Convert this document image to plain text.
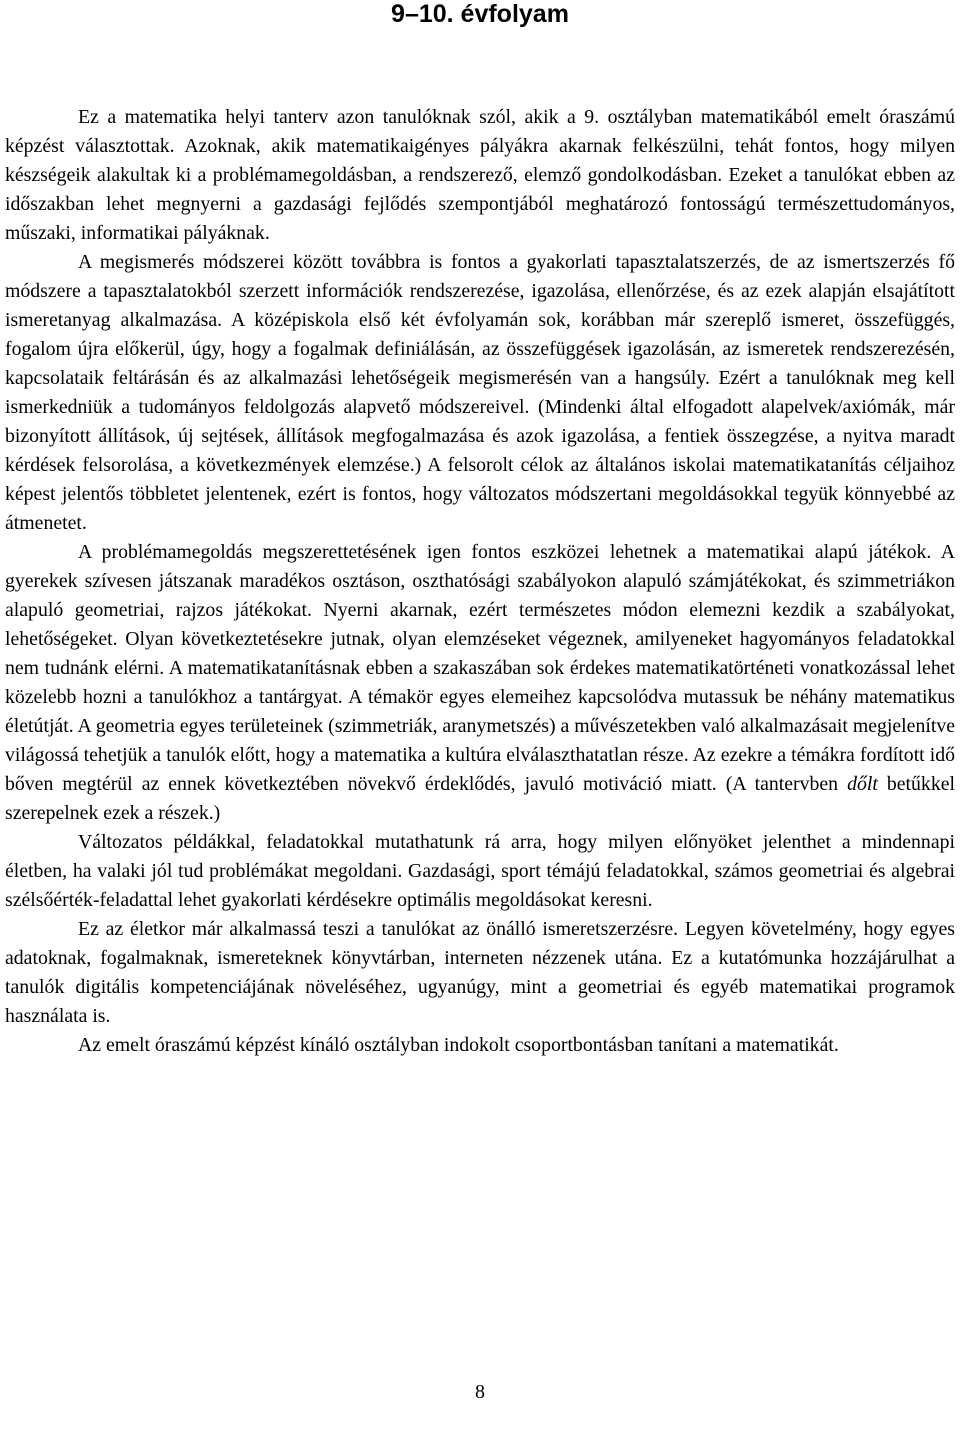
9–10. évfolyam

Ez a matematika helyi tanterv azon tanulóknak szól, akik a 9. osztályban matematikából emelt óraszámú képzést választottak. Azoknak, akik matematikaigényes pályákra akarnak felkészülni, tehát fontos, hogy milyen készségeik alakultak ki a problémamegoldásban, a rendszerező, elemző gondolkodásban. Ezeket a tanulókat ebben az időszakban lehet megnyerni a gazdasági fejlődés szempontjából meghatározó fontosságú természettudományos, műszaki, informatikai pályáknak.

A megismerés módszerei között továbbra is fontos a gyakorlati tapasztalatszerzés, de az ismertszerzés fő módszere a tapasztalatokból szerzett információk rendszerezése, igazolása, ellenőrzése, és az ezek alapján elsajátított ismeretanyag alkalmazása. A középiskola első két évfolyamán sok, korábban már szereplő ismeret, összefüggés, fogalom újra előkerül, úgy, hogy a fogalmak definiálásán, az összefüggések igazolásán, az ismeretek rendszerezésén, kapcsolataik feltárásán és az alkalmazási lehetőségeik megismerésén van a hangsúly. Ezért a tanulóknak meg kell ismerkedniük a tudományos feldolgozás alapvető módszereivel. (Mindenki által elfogadott alapelvek/axiómák, már bizonyított állítások, új sejtések, állítások megfogalmazása és azok igazolása, a fentiek összegzése, a nyitva maradt kérdések felsorolása, a következmények elemzése.) A felsorolt célok az általános iskolai matematikatanítás céljaihoz képest jelentős többletet jelentenek, ezért is fontos, hogy változatos módszertani megoldásokkal tegyük könnyebbé az átmenetet.

A problémamegoldás megszerettetésének igen fontos eszközei lehetnek a matematikai alapú játékok. A gyerekek szívesen játszanak maradékos osztáson, oszthatósági szabályokon alapuló számjátékokat, és szimmetriákon alapuló geometriai, rajzos játékokat. Nyerni akarnak, ezért természetes módon elemezni kezdik a szabályokat, lehetőségeket. Olyan következtetésekre jutnak, olyan elemzéseket végeznek, amilyeneket hagyományos feladatokkal nem tudnánk elérni. A matematikatanításnak ebben a szakaszában sok érdekes matematikatörténeti vonatkozással lehet közelebb hozni a tanulókhoz a tantárgyat. A témakör egyes elemeihez kapcsolódva mutassuk be néhány matematikus életútját. A geometria egyes területeinek (szimmetriák, aranymetszés) a művészetekben való alkalmazásait megjelenítve világossá tehetjük a tanulók előtt, hogy a matematika a kultúra elválaszthatatlan része. Az ezekre a témákra fordított idő bőven megtérül az ennek következtében növekvő érdeklődés, javuló motiváció miatt. (A tantervben dőlt betűkkel szerepelnek ezek a részek.)

Változatos példákkal, feladatokkal mutathatunk rá arra, hogy milyen előnyöket jelenthet a mindennapi életben, ha valaki jól tud problémákat megoldani. Gazdasági, sport témájú feladatokkal, számos geometriai és algebrai szélsőérték-feladattal lehet gyakorlati kérdésekre optimális megoldásokat keresni.

Ez az életkor már alkalmassá teszi a tanulókat az önálló ismeretszerzésre. Legyen követelmény, hogy egyes adatoknak, fogalmaknak, ismereteknek könyvtárban, interneten nézzenek utána. Ez a kutatómunka hozzájárulhat a tanulók digitális kompetenciájának növeléséhez, ugyanúgy, mint a geometriai és egyéb matematikai programok használata is.

Az emelt óraszámú képzést kínáló osztályban indokolt csoportbontásban tanítani a matematikát.

8
